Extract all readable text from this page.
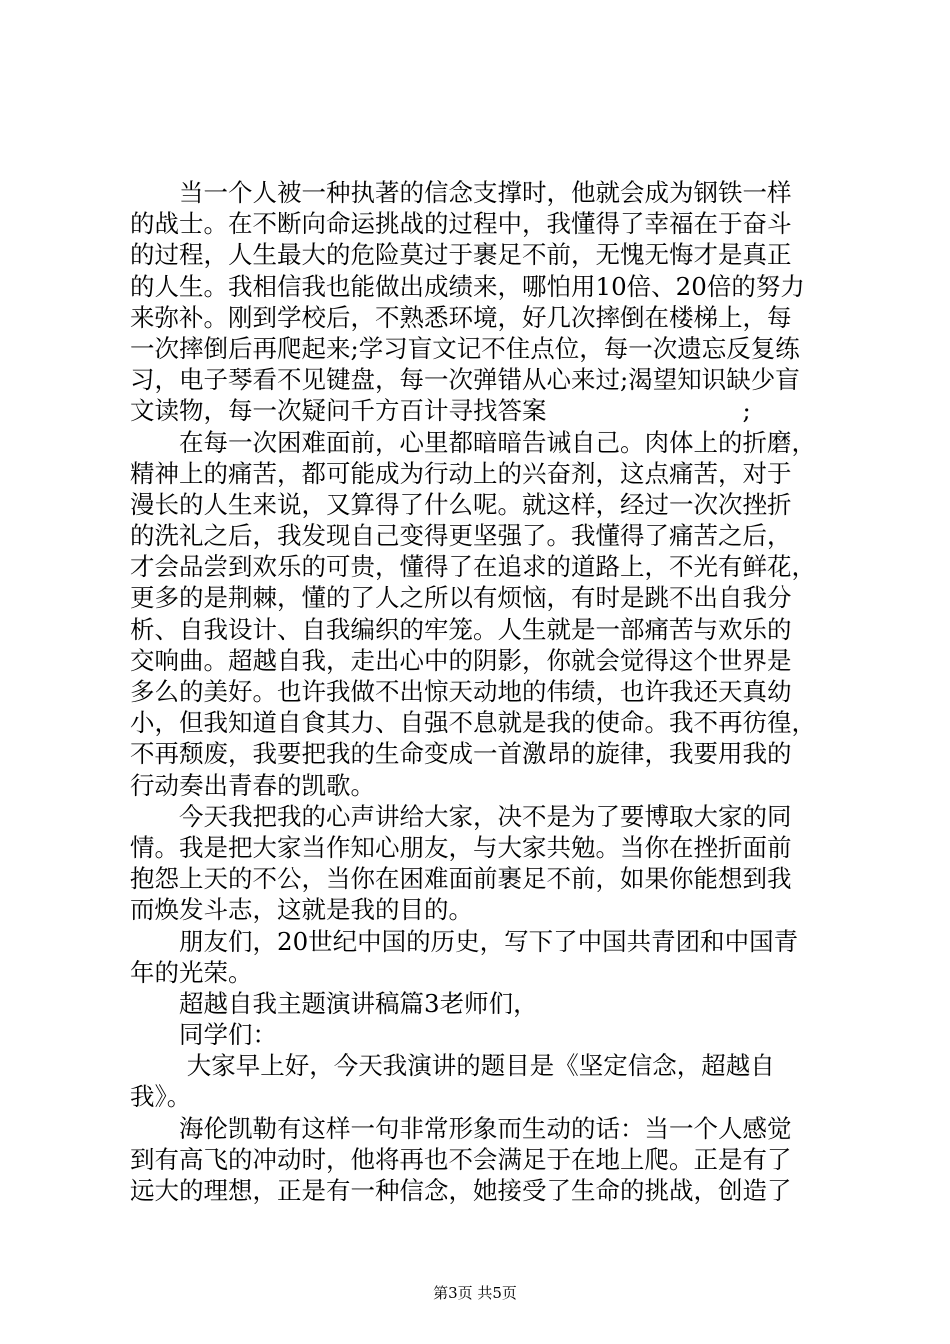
　　当一个人被一种执著的信念支撑时，他就会成为钢铁一样
的战士。在不断向命运挑战的过程中，我懂得了幸福在于奋斗
的过程，人生最大的危险莫过于裹足不前，无愧无悔才是真正
的人生。我相信我也能做出成绩来，哪怕用10倍、20倍的努力
来弥补。刚到学校后，不熟悉环境，好几次摔倒在楼梯上，每
一次摔倒后再爬起来;学习盲文记不住点位，每一次遗忘反复练
习，电子琴看不见键盘，每一次弹错从心来过;渴望知识缺少盲
文读物，每一次疑问千方百计寻找答案　　　　　　　　;
　　在每一次困难面前，心里都暗暗告诫自己。肉体上的折磨，
精神上的痛苦，都可能成为行动上的兴奋剂，这点痛苦，对于
漫长的人生来说，又算得了什么呢。就这样，经过一次次挫折
的洗礼之后，我发现自己变得更坚强了。我懂得了痛苦之后，
才会品尝到欢乐的可贵，懂得了在追求的道路上，不光有鲜花，
更多的是荆棘，懂的了人之所以有烦恼，有时是跳不出自我分
析、自我设计、自我编织的牢笼。人生就是一部痛苦与欢乐的
交响曲。超越自我，走出心中的阴影，你就会觉得这个世界是
多么的美好。也许我做不出惊天动地的伟绩，也许我还天真幼
小，但我知道自食其力、自强不息就是我的使命。我不再彷徨，
不再颓废，我要把我的生命变成一首激昂的旋律，我要用我的
行动奏出青春的凯歌。
　　今天我把我的心声讲给大家，决不是为了要博取大家的同
情。我是把大家当作知心朋友，与大家共勉。当你在挫折面前
抱怨上天的不公，当你在困难面前裹足不前，如果你能想到我
而焕发斗志，这就是我的目的。
　　朋友们，20世纪中国的历史，写下了中国共青团和中国青
年的光荣。
　　超越自我主题演讲稿篇3老师们，
　　同学们：
　　 大家早上好，今天我演讲的题目是《坚定信念，超越自
我》。
　　海伦凯勒有这样一句非常形象而生动的话：当一个人感觉
到有高飞的冲动时，他将再也不会满足于在地上爬。正是有了
远大的理想，正是有一种信念，她接受了生命的挑战，创造了
第3页 共5页
